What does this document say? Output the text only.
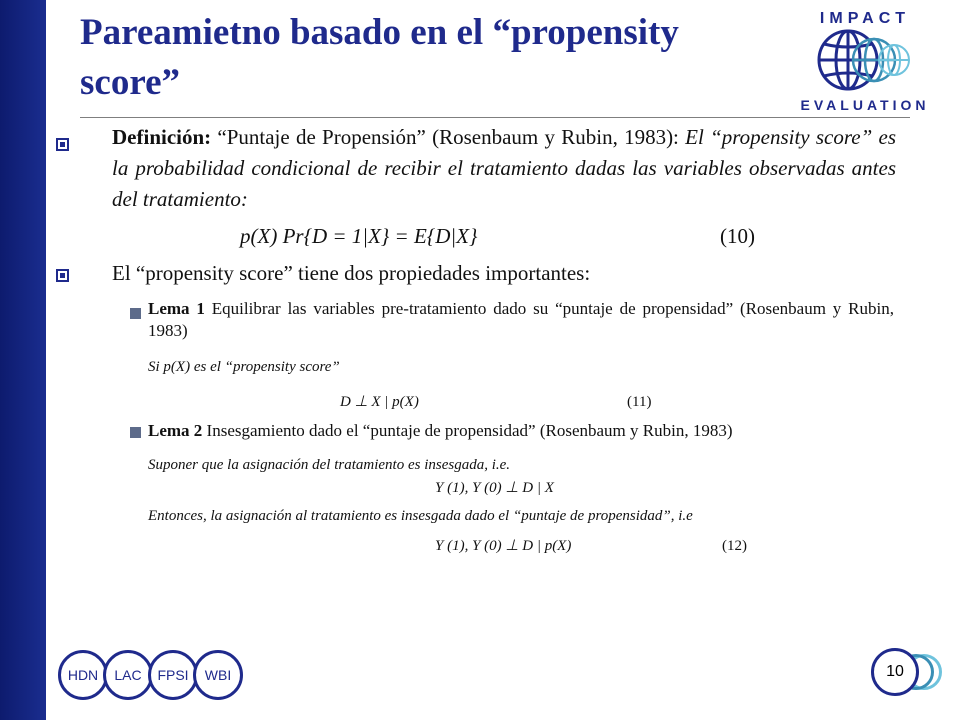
Pareamietno basado en el “propensity score”
IMPACT
EVALUATION
Definición: “Puntaje de Propensión” (Rosenbaum y Rubin, 1983): El “propensity score” es la probabilidad condicional de recibir el tratamiento dadas las variables observadas antes del tratamiento:
p(X) Pr{D = 1|X} = E{D|X}	(10)
El “propensity score” tiene dos propiedades importantes:
Lema 1 Equilibrar las variables pre-tratamiento dado su “puntaje de propensidad” (Rosenbaum y Rubin, 1983)
Si p(X) es el “propensity score”
D ⊥ X | p(X)	(11)
Lema 2 Insesgamiento dado el “puntaje de propensidad” (Rosenbaum y Rubin, 1983)
Suponer que la asignación del tratamiento es insesgada, i.e.
Y (1), Y (0) ⊥ D | X
Entonces, la asignación al tratamiento es insesgada dado el “puntaje de propensidad”, i.e
Y (1), Y (0) ⊥ D | p(X)	(12)
HDN	LAC	FPSI	WBI	10
